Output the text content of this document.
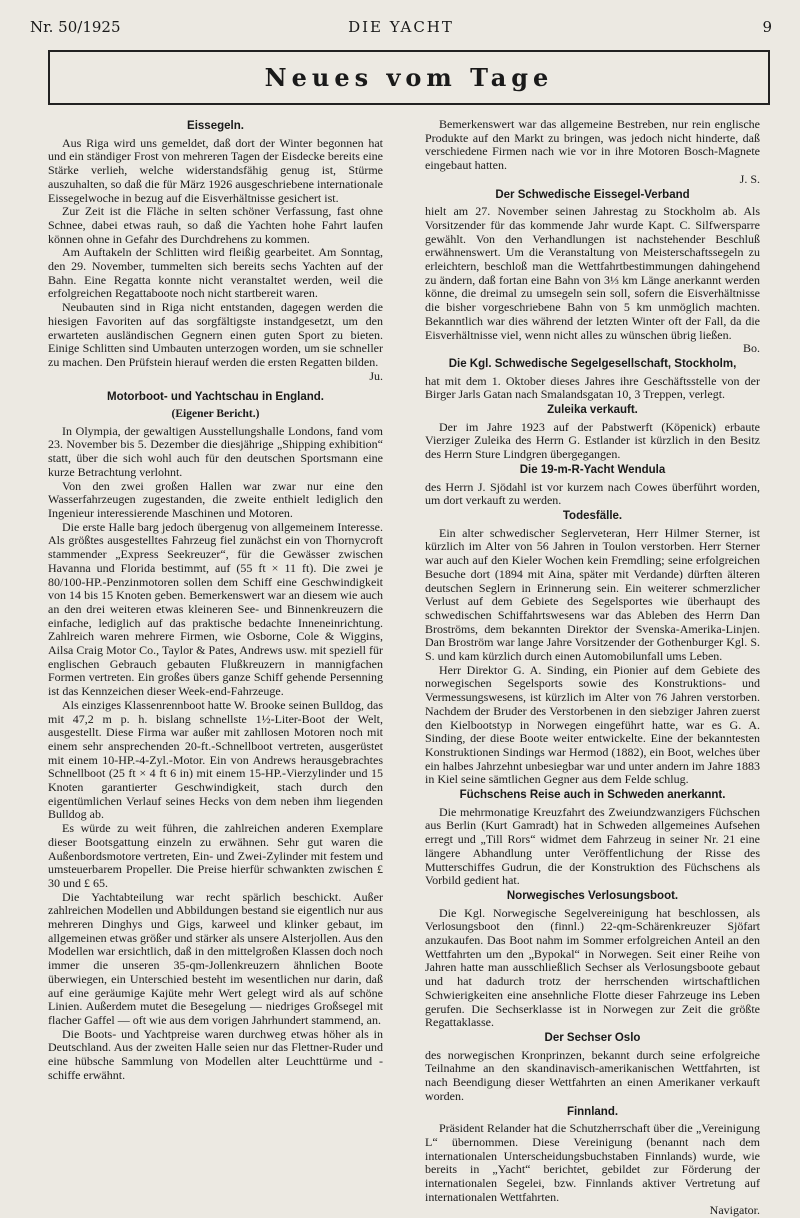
Nr. 50/1925	DIE YACHT	9
Neues vom Tage
Eissegeln.

Aus Riga wird uns gemeldet, daß dort der Winter begonnen hat und ein ständiger Frost von mehreren Tagen der Eisdecke bereits eine Stärke verlieh, welche widerstandsfähig genug ist, Stürme auszuhalten, so daß die für März 1926 ausgeschriebene internationale Eissegelwoche in bezug auf die Eisverhältnisse gesichert ist.

Zur Zeit ist die Fläche in selten schöner Verfassung, fast ohne Schnee, dabei etwas rauh, so daß die Yachten hohe Fahrt laufen können ohne in Gefahr des Durchdrehens zu kommen.

Am Auftakeln der Schlitten wird fleißig gearbeitet. Am Sonntag, den 29. November, tummelten sich bereits sechs Yachten auf der Bahn. Eine Regatta konnte nicht veranstaltet werden, weil die erfolgreichen Regattaboote noch nicht startbereit waren.

Neubauten sind in Riga nicht entstanden, dagegen werden die hiesigen Favoriten auf das sorgfältigste instandgesetzt, um den erwarteten ausländischen Gegnern einen guten Sport zu bieten. Einige Schlitten sind Umbauten unterzogen worden, um sie schneller zu machen. Den Prüfstein hierauf werden die ersten Regatten bilden.

Ju.
Motorboot- und Yachtschau in England.
(Eigener Bericht.)

In Olympia, der gewaltigen Ausstellungshalle Londons, fand vom 23. November bis 5. Dezember die diesjährige „Shipping exhibition“ statt, über die sich wohl auch für den deutschen Sportsmann eine kurze Betrachtung verlohnt.

Von den zwei großen Hallen war zwar nur eine den Wasserfahrzeugen zugestanden, die zweite enthielt lediglich den Ingenieur interessierende Maschinen und Motoren.

Die erste Halle barg jedoch übergenug von allgemeinem Interesse. Als größtes ausgestelltes Fahrzeug fiel zunächst ein von Thornycroft stammender „Express Seekreuzer“, für die Gewässer zwischen Havanna und Florida bestimmt, auf (55 ft × 11 ft). Die zwei je 80/100-HP.-Penzinmotoren sollen dem Schiff eine Geschwindigkeit von 14 bis 15 Knoten geben. Bemerkenswert war an diesem wie auch an den drei weiteren etwas kleineren See- und Binnenkreuzern die einfache, lediglich auf das praktische bedachte Inneneinrichtung. Zahlreich waren mehrere Firmen, wie Osborne, Cole & Wiggins, Ailsa Craig Motor Co., Taylor & Pates, Andrews usw. mit speziell für englischen Gebrauch gebauten Flußkreuzern in mannigfachen Formen vertreten. Ein großes übers ganze Schiff gehende Persenning ist das Kennzeichen dieser Week-end-Fahrzeuge.

Als einziges Klassenrennboot hatte W. Brooke seinen Bulldog, das mit 47,2 m p. h. bislang schnellste 1½-Liter-Boot der Welt, ausgestellt. Diese Firma war außer mit zahllosen Motoren noch mit einem sehr ansprechenden 20-ft.-Schnellboot vertreten, ausgerüstet mit einem 10-HP.-4-Zyl.-Motor. Ein von Andrews herausgebrachtes Schnellboot (25 ft × 4 ft 6 in) mit einem 15-HP.-Vierzylinder und 15 Knoten garantierter Geschwindigkeit, stach durch den eigentümlichen Verlauf seines Hecks von dem neben ihm liegenden Bulldog ab.

Es würde zu weit führen, die zahlreichen anderen Exemplare dieser Bootsgattung einzeln zu erwähnen. Sehr gut waren die Außenbordsmotore vertreten, Ein- und Zwei-Zylinder mit festem und umsteuerbarem Propeller. Die Preise hierfür schwankten zwischen £ 30 und £ 65.

Die Yachtabteilung war recht spärlich beschickt. Außer zahlreichen Modellen und Abbildungen bestand sie eigentlich nur aus mehreren Dinghys und Gigs, karweel und klinker gebaut, im allgemeinen etwas größer und stärker als unsere Alsterjollen. Aus den Modellen war ersichtlich, daß in den mittelgroßen Klassen doch noch immer die unseren 35-qm-Jollenkreuzern ähnlichen Boote überwiegen, ein Unterschied besteht im wesentlichen nur darin, daß auf eine geräumige Kajüte mehr Wert gelegt wird als auf schöne Linien. Außerdem mutet die Besegelung — niedriges Großsegel mit flacher Gaffel — oft wie aus dem vorigen Jahrhundert stammend, an.

Die Boots- und Yachtpreise waren durchweg etwas höher als in Deutschland. Aus der zweiten Halle seien nur das Flettner-Ruder und eine hübsche Sammlung von Modellen alter Leuchttürme und -schiffe erwähnt.

Bemerkenswert war das allgemeine Bestreben, nur rein englische Produkte auf den Markt zu bringen, was jedoch nicht hinderte, daß verschiedene Firmen nach wie vor in ihre Motoren Bosch-Magnete eingebaut hatten.

J. S.
Der Schwedische Eissegel-Verband

hielt am 27. November seinen Jahrestag zu Stockholm ab. Als Vorsitzender für das kommende Jahr wurde Kapt. C. Silfwersparre gewählt. Von den Verhandlungen ist nachstehender Beschluß erwähnenswert. Um die Veranstaltung von Meisterschaftssegeln zu erleichtern, beschloß man die Wettfahrtbestimmungen dahingehend zu ändern, daß fortan eine Bahn von 3⅓ km Länge anerkannt werden könne, die dreimal zu umsegeln sein soll, sofern die Eisverhältnisse die bisher vorgeschriebene Bahn von 5 km unmöglich machten. Bekanntlich war dies während der letzten Winter oft der Fall, da die Eisverhältnisse viel, wenn nicht alles zu wünschen übrig ließen.

Bo.
Die Kgl. Schwedische Segelgesellschaft, Stockholm,

hat mit dem 1. Oktober dieses Jahres ihre Geschäftsstelle von der Birger Jarls Gatan nach Smalandsgatan 10, 3 Treppen, verlegt.

Zuleika verkauft.

Der im Jahre 1923 auf der Pabstwerft (Köpenick) erbaute Vierziger Zuleika des Herrn G. Estlander ist kürzlich in den Besitz des Herrn Sture Lindgren übergegangen.

Die 19-m-R-Yacht Wendula

des Herrn J. Sjödahl ist vor kurzem nach Cowes überführt worden, um dort verkauft zu werden.

Todesfälle.

Ein alter schwedischer Seglerveteran, Herr Hilmer Sterner, ist kürzlich im Alter von 56 Jahren in Toulon verstorben. Herr Sterner war auch auf den Kieler Wochen kein Fremdling; seine erfolgreichen Besuche dort (1894 mit Aina, später mit Verdande) dürften älteren deutschen Seglern in Erinnerung sein. Ein weiterer schmerzlicher Verlust auf dem Gebiete des Segelsportes wie überhaupt des schwedischen Schiffahrtswesens war das Ableben des Herrn Dan Broströms, dem bekannten Direktor der Svenska-Amerika-Linjen. Dan Broström war lange Jahre Vorsitzender der Gothenburger Kgl. S. S. und kam kürzlich durch einen Automobilunfall ums Leben.

Herr Direktor G. A. Sinding, ein Pionier auf dem Gebiete des norwegischen Segelsports sowie des Konstruktions- und Vermessungswesens, ist kürzlich im Alter von 76 Jahren verstorben. Nachdem der Bruder des Verstorbenen in den siebziger Jahren zuerst den Kielbootstyp in Norwegen eingeführt hatte, war es G. A. Sinding, der diese Boote weiter entwickelte. Eine der bekanntesten Konstruktionen Sindings war Hermod (1882), ein Boot, welches über ein halbes Jahrzehnt unbesiegbar war und unter andern im Jahre 1883 in Kiel seine sämtlichen Gegner aus dem Felde schlug.

Füchschens Reise auch in Schweden anerkannt.

Die mehrmonatige Kreuzfahrt des Zweiundzwanzigers Füchschen aus Berlin (Kurt Gamradt) hat in Schweden allgemeines Aufsehen erregt und „Till Rors“ widmet dem Fahrzeug in seiner Nr. 21 eine längere Abhandlung unter Veröffentlichung der Risse des Mutterschiffes Gudrun, die der Konstruktion des Füchschens als Vorbild gedient hat.

Norwegisches Verlosungsboot.

Die Kgl. Norwegische Segelvereinigung hat beschlossen, als Verlosungsboot den (finnl.) 22-qm-Schärenkreuzer Sjöfart anzukaufen. Das Boot nahm im Sommer erfolgreichen Anteil an den Wettfahrten um den „Bypokal“ in Norwegen. Seit einer Reihe von Jahren hatte man ausschließlich Sechser als Verlosungsboote gebaut und hat dadurch trotz der herrschenden wirtschaftlichen Schwierigkeiten eine ansehnliche Flotte dieser Fahrzeuge ins Leben gerufen. Die Sechserklasse ist in Norwegen zur Zeit die größte Regattaklasse.

Der Sechser Oslo

des norwegischen Kronprinzen, bekannt durch seine erfolgreiche Teilnahme an den skandinavisch-amerikanischen Wettfahrten, ist nach Beendigung dieser Wettfahrten an einen Amerikaner verkauft worden.

Finnland.

Präsident Relander hat die Schutzherrschaft über die „Vereinigung L“ übernommen. Diese Vereinigung (benannt nach dem internationalen Unterscheidungsbuchstaben Finnlands) wurde, wie bereits in „Yacht“ berichtet, gebildet zur Förderung der internationalen Segelei, bzw. Finnlands aktiver Vertretung auf internationalen Wettfahrten.

Navigator.
